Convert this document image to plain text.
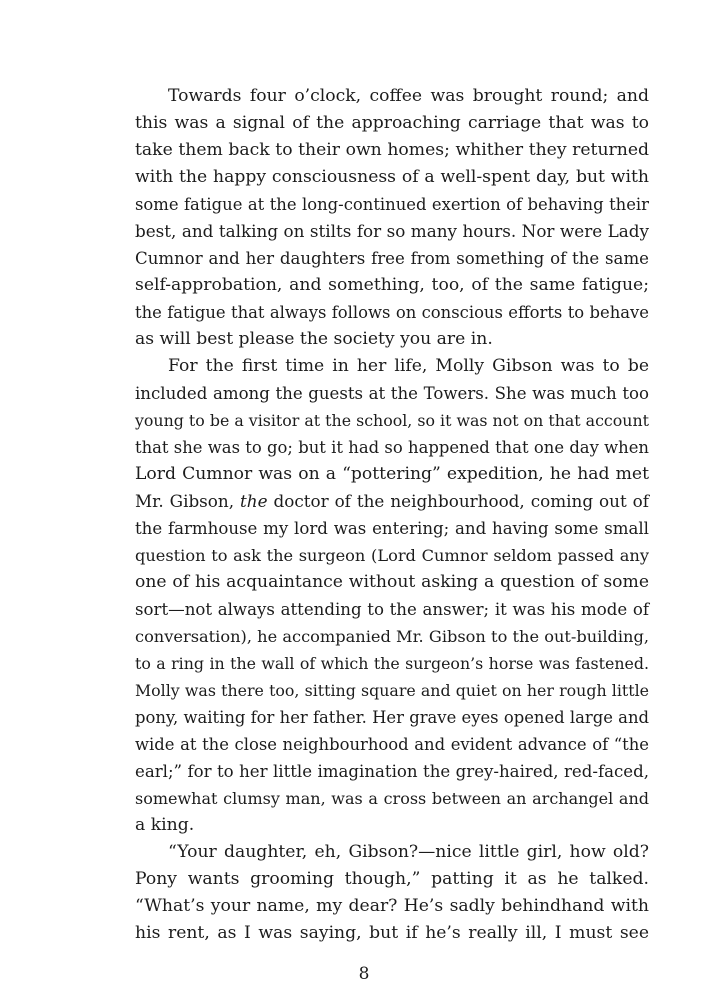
Towards four o’clock, coffee was brought round; and
this was a signal of the approaching carriage that was to
take them back to their own homes; whither they returned
with the happy consciousness of a well-spent day, but with
some fatigue at the long-continued exertion of behaving their
best, and talking on stilts for so many hours. Nor were Lady
Cumnor and her daughters free from something of the same
self-approbation, and something, too, of the same fatigue;
the fatigue that always follows on conscious efforts to behave
as will best please the society you are in.
For the first time in her life, Molly Gibson was to be
included among the guests at the Towers. She was much too
young to be a visitor at the school, so it was not on that account
that she was to go; but it had so happened that one day when
Lord Cumnor was on a “pottering” expedition, he had met
Mr. Gibson, the doctor of the neighbourhood, coming out of
the farmhouse my lord was entering; and having some small
question to ask the surgeon (Lord Cumnor seldom passed any
one of his acquaintance without asking a question of some
sort—not always attending to the answer; it was his mode of
conversation), he accompanied Mr. Gibson to the out-building,
to a ring in the wall of which the surgeon’s horse was fastened.
Molly was there too, sitting square and quiet on her rough little
pony, waiting for her father. Her grave eyes opened large and
wide at the close neighbourhood and evident advance of “the
earl;” for to her little imagination the grey-haired, red-faced,
somewhat clumsy man, was a cross between an archangel and
a king.
“Your daughter, eh, Gibson?—nice little girl, how old?
Pony wants grooming though,” patting it as he talked.
“What’s your name, my dear? He’s sadly behindhand with
his rent, as I was saying, but if he’s really ill, I must see
8
